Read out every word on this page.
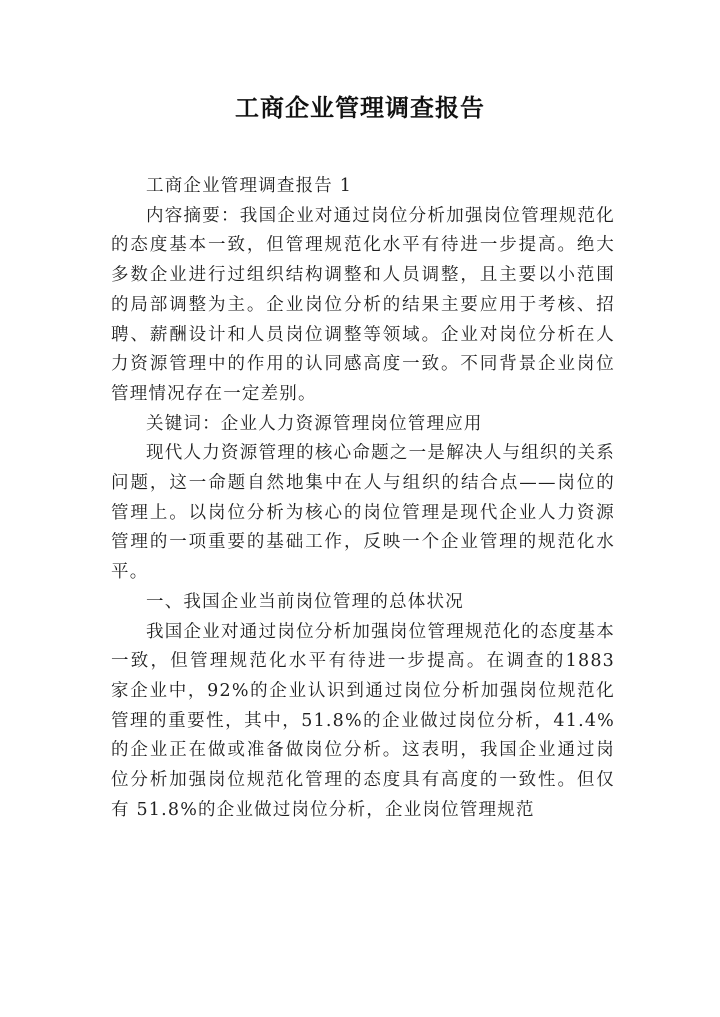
工商企业管理调查报告

工商企业管理调查报告 1

内容摘要：我国企业对通过岗位分析加强岗位管理规范化的态度基本一致，但管理规范化水平有待进一步提高。绝大多数企业进行过组织结构调整和人员调整，且主要以小范围的局部调整为主。企业岗位分析的结果主要应用于考核、招聘、薪酬设计和人员岗位调整等领域。企业对岗位分析在人力资源管理中的作用的认同感高度一致。不同背景企业岗位管理情况存在一定差别。

关键词：企业人力资源管理岗位管理应用

现代人力资源管理的核心命题之一是解决人与组织的关系问题，这一命题自然地集中在人与组织的结合点——岗位的管理上。以岗位分析为核心的岗位管理是现代企业人力资源管理的一项重要的基础工作，反映一个企业管理的规范化水平。

一、我国企业当前岗位管理的总体状况

我国企业对通过岗位分析加强岗位管理规范化的态度基本一致，但管理规范化水平有待进一步提高。在调查的1883 家企业中，92%的企业认识到通过岗位分析加强岗位规范化管理的重要性，其中，51.8%的企业做过岗位分析，41.4%的企业正在做或准备做岗位分析。这表明，我国企业通过岗位分析加强岗位规范化管理的态度具有高度的一致性。但仅有 51.8%的企业做过岗位分析，企业岗位管理规范
